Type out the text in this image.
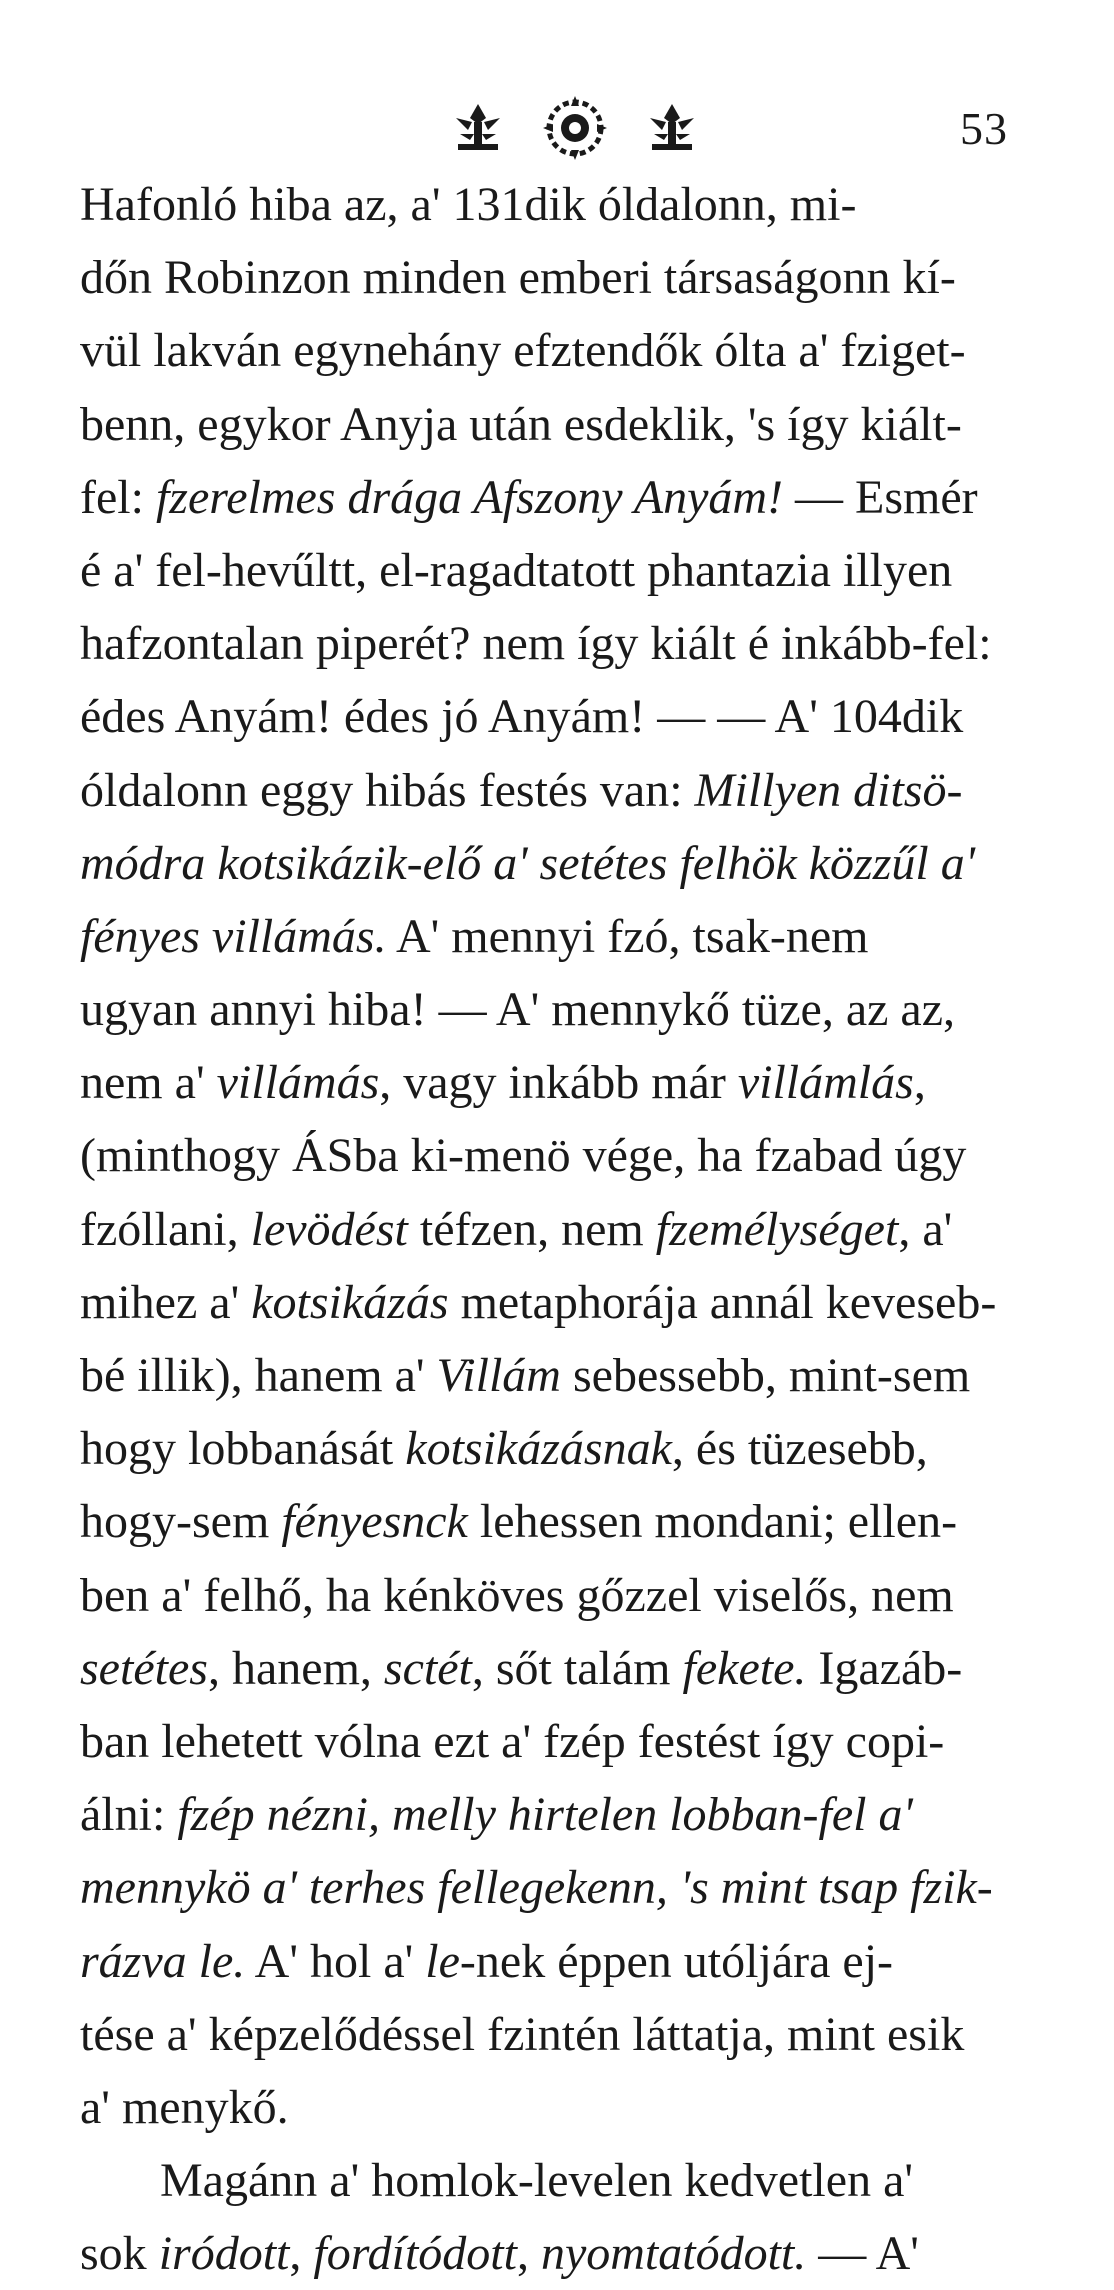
53
Hafonló hiba az, a' 131dik óldalonn, mi-
dőn Robinzon minden emberi társaságonn kí-
vül lakván egynehány efztendők ólta a' fziget-
benn, egykor Anyja után esdeklik, 's így kiált-
fel: fzerelmes drága Afszony Anyám! — Esmér
é a' fel-hevűltt, el-ragadtatott phantazia illyen
hafzontalan piperét? nem így kiált é inkább-fel:
édes Anyám! édes jó Anyám! — — A' 104dik
óldalonn eggy hibás festés van: Millyen ditsö-
módra kotsikázik-elő a' setétes felhök közzűl a'
fényes villámás. A' mennyi fzó, tsak-nem
ugyan annyi hiba! — A' mennykő tüze, az az,
nem a' villámás , vagy inkább már villámlás ,
(minthogy ÁSba ki-menö vége, ha fzabad úgy
fzóllani, levödést téfzen, nem fzemélységet , a'
mihez a' kotsikázás metaphorája annál keveseb-
bé illik), hanem a' Villám sebessebb, mint-sem
hogy lobbanását kotsikázásnak , és tüzesebb,
hogy-sem fényesnck lehessen mondani; ellen-
ben a' felhő, ha kénköves gőzzel viselős, nem
setétes , hanem, sctét , sőt talám fekete. Igazáb-
ban lehetett vólna ezt a' fzép festést így copi-
álni: fzép nézni, melly hirtelen lobban-fel a'
mennykö a' terhes fellegekenn, 's mint tsap fzik-
rázva le. A' hol a' le -nek éppen utóljára ej-
tése a' képzelődéssel fzintén láttatja, mint esik
a' menykő.
Magánn a' homlok-levelen kedvetlen a'
sok iródott , fordítódott , nyomtatódott. — A'
